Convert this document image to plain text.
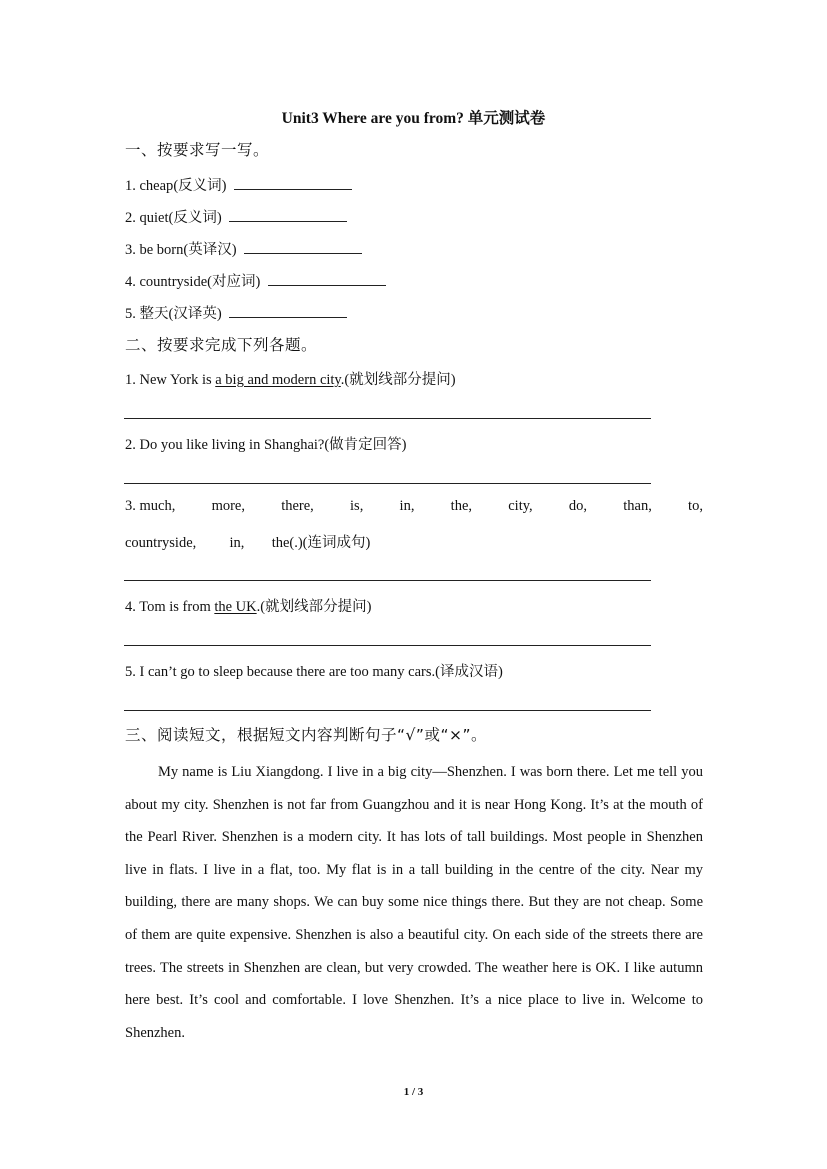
Unit3 Where are you from? 单元测试卷
一、按要求写一写。
1. cheap(反义词)
2. quiet(反义词)
3. be born(英译汉)
4. countryside(对应词)
5. 整天(汉译英)
二、按要求完成下列各题。
1. New York is a big and modern city.(就划线部分提问)
2. Do you like living in Shanghai?(做肯定回答)
3. much, more, there, is, in, the, city, do, than, to,
countryside, in, the(.)(连词成句)
4. Tom is from the UK.(就划线部分提问)
5. I can’t go to sleep because there are too many cars.(译成汉语)
三、阅读短文，根据短文内容判断句子“√”或“×”。
My name is Liu Xiangdong. I live in a big city—Shenzhen. I was born there. Let me tell you about my city. Shenzhen is not far from Guangzhou and it is near Hong Kong. It’s at the mouth of the Pearl River. Shenzhen is a modern city. It has lots of tall buildings. Most people in Shenzhen live in flats. I live in a flat, too. My flat is in a tall building in the centre of the city. Near my building, there are many shops. We can buy some nice things there. But they are not cheap. Some of them are quite expensive. Shenzhen is also a beautiful city. On each side of the streets there are trees. The streets in Shenzhen are clean, but very crowded. The weather here is OK. I like autumn here best. It’s cool and comfortable. I love Shenzhen. It’s a nice place to live in. Welcome to Shenzhen.
1 / 3
